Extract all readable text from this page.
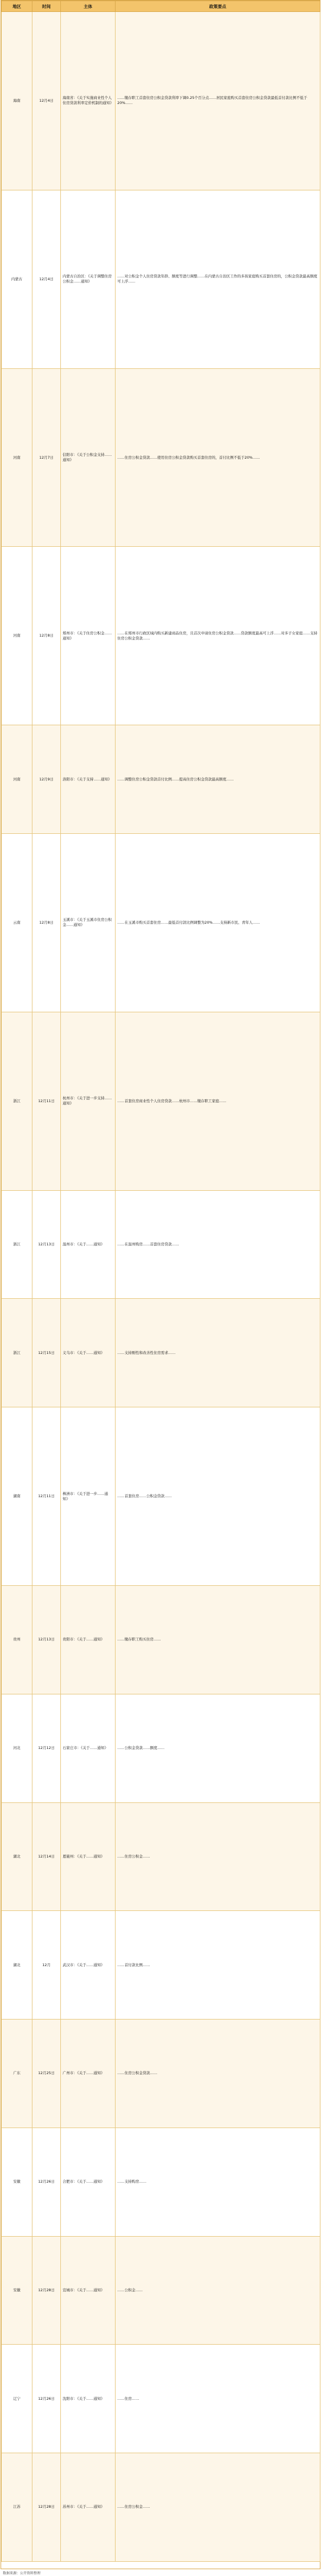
地区	时间	主体	政策要点
海南	12月4日	海南省：《关于实施商业性个人住房贷款利率定价机制的通知》	……缴存职工首套住房公积金贷款利率下调0.25个百分点……居民家庭购买首套住房公积金贷款最低首付款比例不低于20%……
内蒙古	12月4日	内蒙古自治区：《关于调整住房公积金……通知》	……对公积金个人住房贷款年龄、额度等进行调整……在内蒙古自治区工作的多孩家庭购买首套住房的，公积金贷款最高额度可上浮……
河南	12月7日	信阳市：《关于公积金支持……通知》	……住房公积金贷款……使用住房公积金贷款购买首套住房的，首付比例不低于20%……
河南	12月8日	郑州市：《关于住房公积金……通知》	……在郑州市行政区域内购买新建商品住房，且首次申请住房公积金贷款……贷款额度最高可上浮……对多子女家庭……支持住房公积金贷款……
河南	12月9日	洛阳市：《关于支持……通知》	……调整住房公积金贷款首付比例……提高住房公积金贷款最高额度……
云南	12月8日	玉溪市：《关于玉溪市住房公积金……通知》	……在玉溪市购买首套住房……最低首付款比例调整为20%……支持新市民、青年人……
浙江	12月11日	杭州市：《关于进一步支持……通知》	……首套住房商业性个人住房贷款……杭州市……缴存职工家庭……
浙江	12月13日	温州市：《关于……通知》	……在温州购房……首套住房贷款……
浙江	12月15日	义乌市：《关于……通知》	……支持刚性和改善性住房需求……
湖南	12月11日	株洲市：《关于进一步……通知》	……首套住房……公积金贷款……
贵州	12月13日	贵阳市：《关于……通知》	……缴存职工购买住房……
河北	12月12日	石家庄市：《关于……通知》	……公积金贷款……额度……
湖北	12月14日	恩施州：《关于……通知》	……住房公积金……
湖北	12月	武汉市：《关于……通知》	……首付款比例……
广东	12月25日	广州市：《关于……通知》	……住房公积金贷款……
安徽	12月26日	合肥市：《关于……通知》	……支持购房……
安徽	12月28日	宣城市：《关于……通知》	……公积金……
辽宁	12月26日	沈阳市：《关于……通知》	……住房……
江苏	12月28日	苏州市：《关于……通知》	……住房公积金……
数据来源：公开资料整理
